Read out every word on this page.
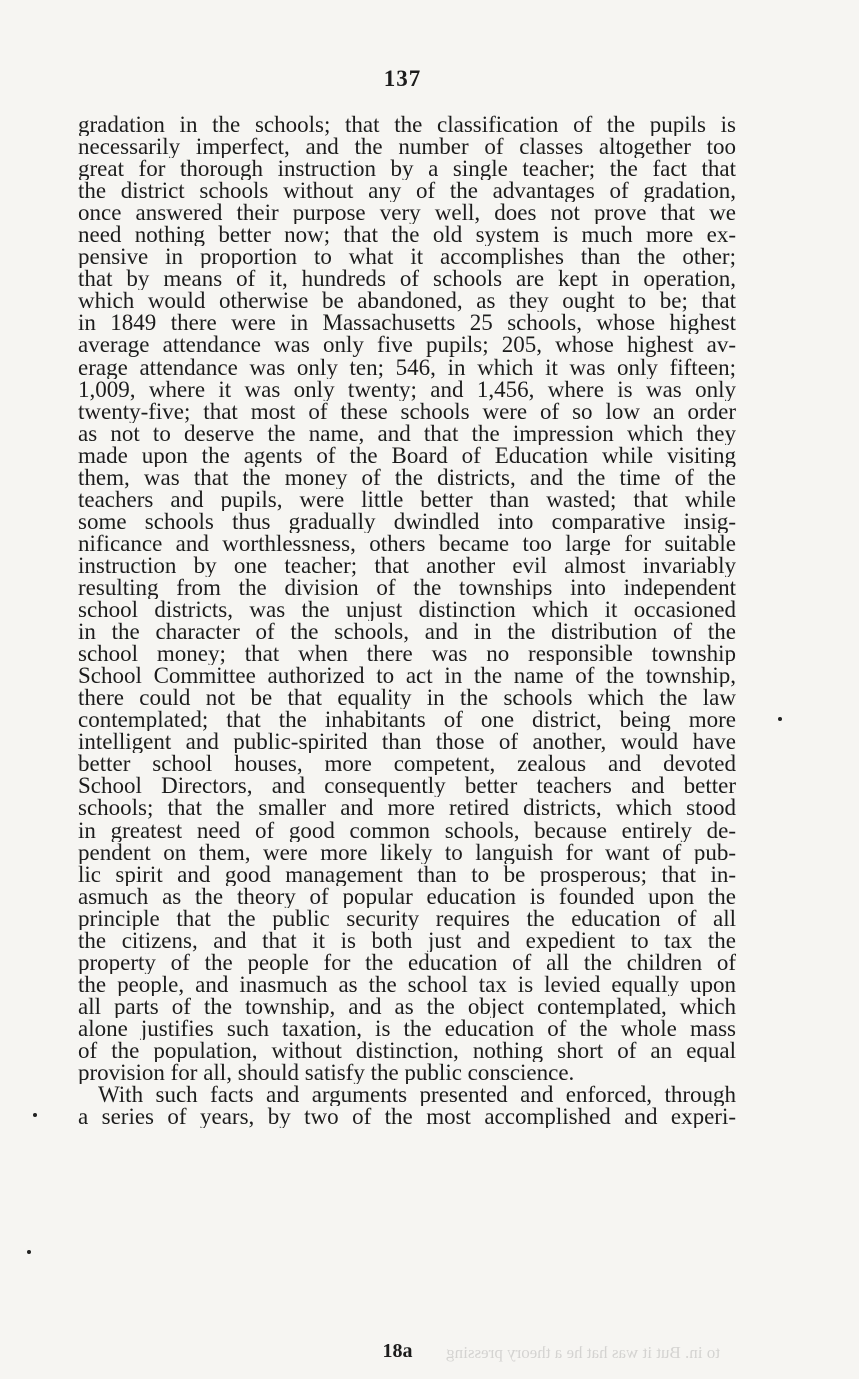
137
gradation in the schools; that the classification of the pupils is
necessarily imperfect, and the number of classes altogether too
great for thorough instruction by a single teacher; the fact that
the district schools without any of the advantages of gradation,
once answered their purpose very well, does not prove that we
need nothing better now; that the old system is much more ex-
pensive in proportion to what it accomplishes than the other;
that by means of it, hundreds of schools are kept in operation,
which would otherwise be abandoned, as they ought to be; that
in 1849 there were in Massachusetts 25 schools, whose highest
average attendance was only five pupils; 205, whose highest av-
erage attendance was only ten; 546, in which it was only fifteen;
1,009, where it was only twenty; and 1,456, where is was only
twenty-five; that most of these schools were of so low an order
as not to deserve the name, and that the impression which they
made upon the agents of the Board of Education while visiting
them, was that the money of the districts, and the time of the
teachers and pupils, were little better than wasted; that while
some schools thus gradually dwindled into comparative insig-
nificance and worthlessness, others became too large for suitable
instruction by one teacher; that another evil almost invariably
resulting from the division of the townships into independent
school districts, was the unjust distinction which it occasioned
in the character of the schools, and in the distribution of the
school money; that when there was no responsible township
School Committee authorized to act in the name of the township,
there could not be that equality in the schools which the law
contemplated; that the inhabitants of one district, being more
intelligent and public-spirited than those of another, would have
better school houses, more competent, zealous and devoted
School Directors, and consequently better teachers and better
schools; that the smaller and more retired districts, which stood
in greatest need of good common schools, because entirely de-
pendent on them, were more likely to languish for want of pub-
lic spirit and good management than to be prosperous; that in-
asmuch as the theory of popular education is founded upon the
principle that the public security requires the education of all
the citizens, and that it is both just and expedient to tax the
property of the people for the education of all the children of
the people, and inasmuch as the school tax is levied equally upon
all parts of the township, and as the object contemplated, which
alone justifies such taxation, is the education of the whole mass
of the population, without distinction, nothing short of an equal
provision for all, should satisfy the public conscience.
With such facts and arguments presented and enforced, through
a series of years, by two of the most accomplished and experi-
to in. But it was hat he a theory pressing
18a
